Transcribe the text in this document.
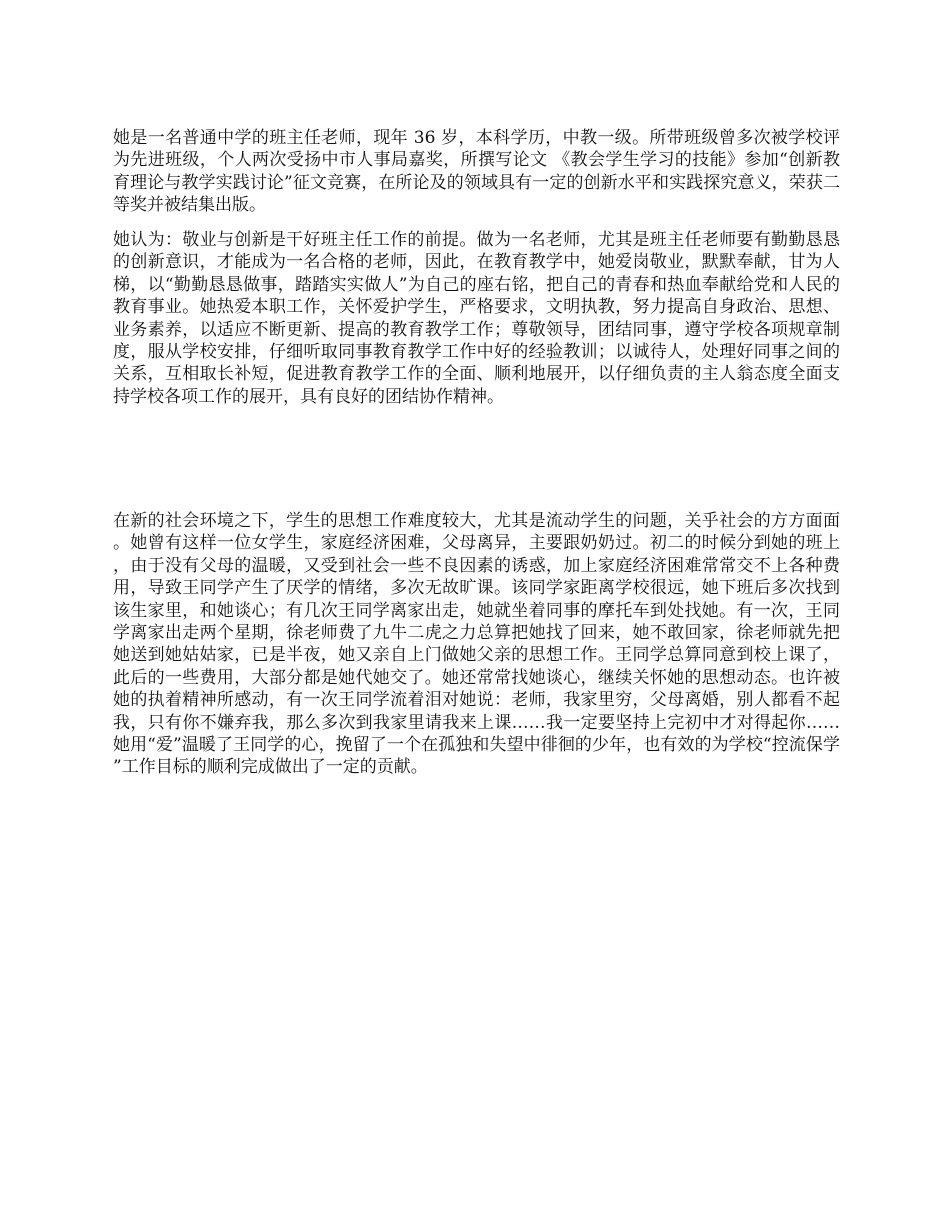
她是一名普通中学的班主任老师，现年 36 岁，本科学历，中教一级。所带班级曾多次被学校评为先进班级，个人两次受扬中市人事局嘉奖，所撰写论文 《教会学生学习的技能》参加“创新教育理论与教学实践讨论”征文竞赛，在所论及的领域具有一定的创新水平和实践探究意义，荣获二等奖并被结集出版。

她认为：敬业与创新是干好班主任工作的前提。做为一名老师，尤其是班主任老师要有勤勤恳恳的创新意识，才能成为一名合格的老师，因此，在教育教学中，她爱岗敬业，默默奉献，甘为人梯，以“勤勤恳恳做事，踏踏实实做人”为自己的座右铭，把自己的青春和热血奉献给党和人民的教育事业。她热爱本职工作，关怀爱护学生，严格要求，文明执教，努力提高自身政治、思想、业务素养，以适应不断更新、提高的教育教学工作；尊敬领导，团结同事，遵守学校各项规章制度，服从学校安排，仔细听取同事教育教学工作中好的经验教训；以诚待人，处理好同事之间的关系，互相取长补短，促进教育教学工作的全面、顺利地展开，以仔细负责的主人翁态度全面支持学校各项工作的展开，具有良好的团结协作精神。

在新的社会环境之下，学生的思想工作难度较大，尤其是流动学生的问题，关乎社会的方方面面。她曾有这样一位女学生，家庭经济困难，父母离异，主要跟奶奶过。初二的时候分到她的班上，由于没有父母的温暖，又受到社会一些不良因素的诱惑，加上家庭经济困难常常交不上各种费用，导致王同学产生了厌学的情绪，多次无故旷课。该同学家距离学校很远，她下班后多次找到该生家里，和她谈心；有几次王同学离家出走，她就坐着同事的摩托车到处找她。有一次，王同学离家出走两个星期，徐老师费了九牛二虎之力总算把她找了回来，她不敢回家，徐老师就先把她送到她姑姑家，已是半夜，她又亲自上门做她父亲的思想工作。王同学总算同意到校上课了，此后的一些费用，大部分都是她代她交了。她还常常找她谈心，继续关怀她的思想动态。也许被她的执着精神所感动，有一次王同学流着泪对她说：老师，我家里穷，父母离婚，别人都看不起我，只有你不嫌弃我，那么多次到我家里请我来上课……我一定要坚持上完初中才对得起你……她用“爱”温暖了王同学的心，挽留了一个在孤独和失望中徘徊的少年，也有效的为学校“控流保学”工作目标的顺利完成做出了一定的贡献。
